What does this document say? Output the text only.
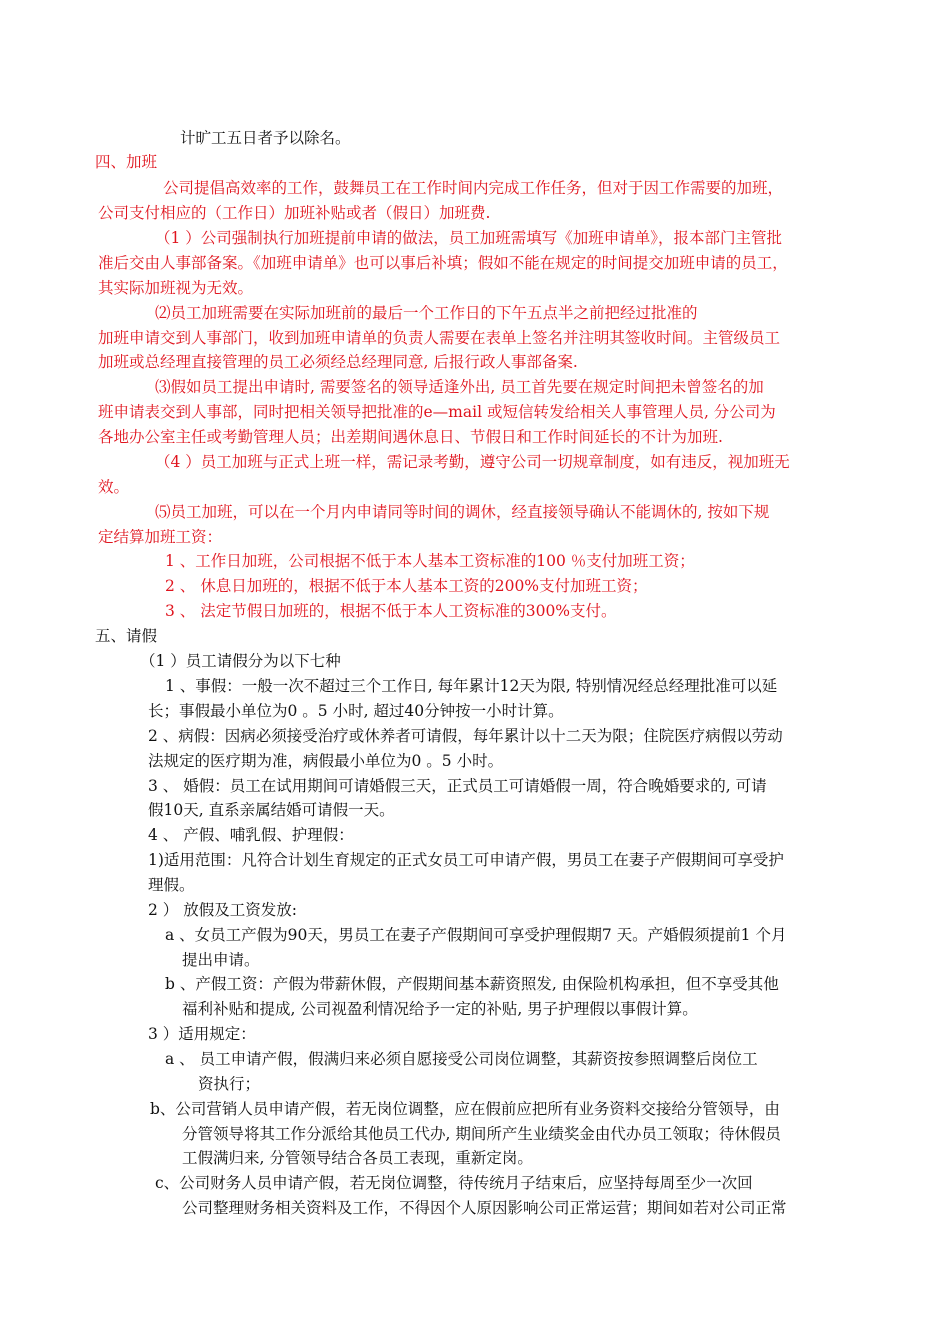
计旷工五日者予以除名。
四、加班
公司提倡高效率的工作，鼓舞员工在工作时间内完成工作任务，但对于因工作需要的加班，
公司支付相应的（工作日）加班补贴或者（假日）加班费.
（1 ）公司强制执行加班提前申请的做法，员工加班需填写《加班申请单》，报本部门主管批
准后交由人事部备案。《加班申请单》也可以事后补填；假如不能在规定的时间提交加班申请的员工，
其实际加班视为无效。
⑵员工加班需要在实际加班前的最后一个工作日的下午五点半之前把经过批准的
加班申请交到人事部门，收到加班申请单的负责人需要在表单上签名并注明其签收时间。主管级员工
加班或总经理直接管理的员工必须经总经理同意, 后报行政人事部备案.
⑶假如员工提出申请时, 需要签名的领导适逢外出, 员工首先要在规定时间把未曾签名的加
班申请表交到人事部，同时把相关领导把批准的e—mail 或短信转发给相关人事管理人员, 分公司为
各地办公室主任或考勤管理人员；出差期间遇休息日、节假日和工作时间延长的不计为加班.
（4 ）员工加班与正式上班一样，需记录考勤，遵守公司一切规章制度，如有违反，视加班无
效。
⑸员工加班，可以在一个月内申请同等时间的调休，经直接领导确认不能调休的, 按如下规
定结算加班工资：
1 、工作日加班，公司根据不低于本人基本工资标准的100 ％支付加班工资；
2 、 休息日加班的，根据不低于本人基本工资的200%支付加班工资；
3 、 法定节假日加班的，根据不低于本人工资标准的300%支付。
五、请假
（1 ）员工请假分为以下七种
1 、事假：一般一次不超过三个工作日, 每年累计12天为限, 特别情况经总经理批准可以延
长；事假最小单位为0 。5 小时, 超过40分钟按一小时计算。
2 、病假：因病必须接受治疗或休养者可请假，每年累计以十二天为限；住院医疗病假以劳动
法规定的医疗期为准，病假最小单位为0 。5 小时。
3 、 婚假：员工在试用期间可请婚假三天，正式员工可请婚假一周，符合晚婚要求的, 可请
假10天, 直系亲属结婚可请假一天。
4 、 产假、哺乳假、护理假：
1)适用范围：凡符合计划生育规定的正式女员工可申请产假，男员工在妻子产假期间可享受护
理假。
2 ） 放假及工资发放:
a 、女员工产假为90天，男员工在妻子产假期间可享受护理假期7 天。产婚假须提前1 个月
提出申请。
b 、产假工资：产假为带薪休假，产假期间基本薪资照发, 由保险机构承担，但不享受其他
福利补贴和提成, 公司视盈利情况给予一定的补贴, 男子护理假以事假计算。
3 ）适用规定：
a 、 员工申请产假，假满归来必须自愿接受公司岗位调整，其薪资按参照调整后岗位工
资执行；
b、公司营销人员申请产假，若无岗位调整，应在假前应把所有业务资料交接给分管领导，由
分管领导将其工作分派给其他员工代办, 期间所产生业绩奖金由代办员工领取；待休假员
工假满归来, 分管领导结合各员工表现，重新定岗。
c、公司财务人员申请产假，若无岗位调整，待传统月子结束后，应坚持每周至少一次回
公司整理财务相关资料及工作，不得因个人原因影响公司正常运营；期间如若对公司正常
